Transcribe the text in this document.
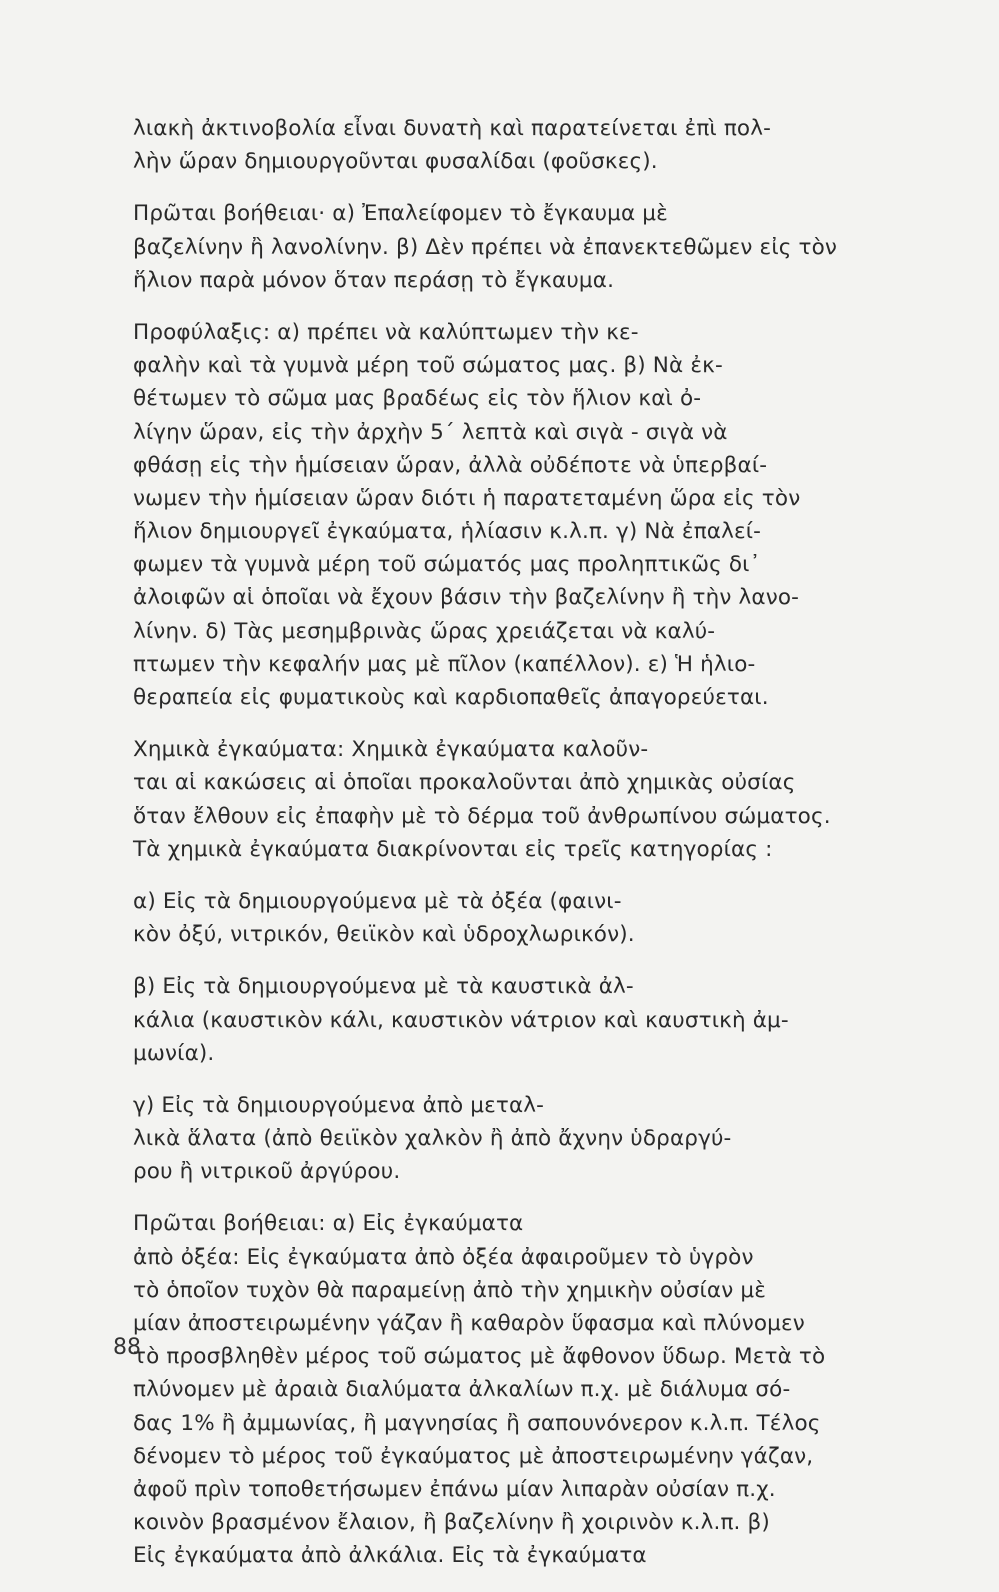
λιακὴ ἀκτινοβολία εἶναι δυνατὴ καὶ παρατείνεται ἐπὶ πολ-
λὴν ὥραν δημιουργοῦνται φυσαλίδαι (φοῦσκες).
Πρῶται βοήθειαι· α) Ἐπαλείφομεν τὸ ἔγκαυμα μὲ
βαζελίνην ἢ λανολίνην. β) Δὲν πρέπει νὰ ἐπανεκτεθῶμεν εἰς τὸν
ἥλιον παρὰ μόνον ὅταν περάσῃ τὸ ἔγκαυμα.
Προφύλαξις: α) πρέπει νὰ καλύπτωμεν τὴν κε-
φαλὴν καὶ τὰ γυμνὰ μέρη τοῦ σώματος μας. β) Νὰ ἐκ-
θέτωμεν τὸ σῶμα μας βραδέως εἰς τὸν ἥλιον καὶ ὀ-
λίγην ὥραν, εἰς τὴν ἀρχὴν 5΄ λεπτὰ καὶ σιγὰ - σιγὰ νὰ
φθάσῃ εἰς τὴν ἡμίσειαν ὥραν, ἀλλὰ οὐδέποτε νὰ ὑπερβαί-
νωμεν τὴν ἡμίσειαν ὥραν διότι ἡ παρατεταμένη ὥρα εἰς τὸν
ἥλιον δημιουργεῖ ἐγκαύματα, ἡλίασιν κ.λ.π. γ) Νὰ ἐπαλεί-
φωμεν τὰ γυμνὰ μέρη τοῦ σώματός μας προληπτικῶς δι᾿
ἀλοιφῶν αἱ ὁποῖαι νὰ ἔχουν βάσιν τὴν βαζελίνην ἢ τὴν λανο-
λίνην. δ) Τὰς μεσημβρινὰς ὥρας χρειάζεται νὰ καλύ-
πτωμεν τὴν κεφαλήν μας μὲ πῖλον (καπέλλον). ε) Ἡ ἡλιο-
θεραπεία εἰς φυματικοὺς καὶ καρδιοπαθεῖς ἀπαγορεύεται.
Χημικὰ ἐγκαύματα: Χημικὰ ἐγκαύματα καλοῦν-
ται αἱ κακώσεις αἱ ὁποῖαι προκαλοῦνται ἀπὸ χημικὰς οὐσίας
ὅταν ἔλθουν εἰς ἐπαφὴν μὲ τὸ δέρμα τοῦ ἀνθρωπίνου σώματος.
Τὰ χημικὰ ἐγκαύματα διακρίνονται εἰς τρεῖς κατηγορίας :
α) Εἰς τὰ δημιουργούμενα μὲ τὰ ὀξέα (φαινι-
κὸν ὀξύ, νιτρικόν, θειϊκὸν καὶ ὑδροχλωρικόν).
β) Εἰς τὰ δημιουργούμενα μὲ τὰ καυστικὰ ἀλ-
κάλια (καυστικὸν κάλι, καυστικὸν νάτριον καὶ καυστικὴ ἀμ-
μωνία).
γ) Εἰς τὰ δημιουργούμενα ἀπὸ μεταλ-
λικὰ ἅλατα (ἀπὸ θειϊκὸν χαλκὸν ἢ ἀπὸ ἄχνην ὑδραργύ-
ρου ἢ νιτρικοῦ ἀργύρου.
Πρῶται βοήθειαι: α) Εἰς ἐγκαύματα
ἀπὸ ὀξέα: Εἰς ἐγκαύματα ἀπὸ ὀξέα ἀφαιροῦμεν τὸ ὑγρὸν
τὸ ὁποῖον τυχὸν θὰ παραμείνῃ ἀπὸ τὴν χημικὴν οὐσίαν μὲ
μίαν ἀποστειρωμένην γάζαν ἢ καθαρὸν ὕφασμα καὶ πλύνομεν
τὸ προσβληθὲν μέρος τοῦ σώματος μὲ ἄφθονον ὕδωρ. Μετὰ τὸ
πλύνομεν μὲ ἀραιὰ διαλύματα ἀλκαλίων π.χ. μὲ διάλυμα σό-
δας 1% ἢ ἀμμωνίας, ἢ μαγνησίας ἢ σαπουνόνερον κ.λ.π. Τέλος
δένομεν τὸ μέρος τοῦ ἐγκαύματος μὲ ἀποστειρωμένην γάζαν,
ἀφοῦ πρὶν τοποθετήσωμεν ἐπάνω μίαν λιπαρὰν οὐσίαν π.χ.
κοινὸν βρασμένον ἔλαιον, ἢ βαζελίνην ἢ χοιρινὸν κ.λ.π. β)
Εἰς ἐγκαύματα ἀπὸ ἀλκάλια. Εἰς τὰ ἐγκαύματα
88
